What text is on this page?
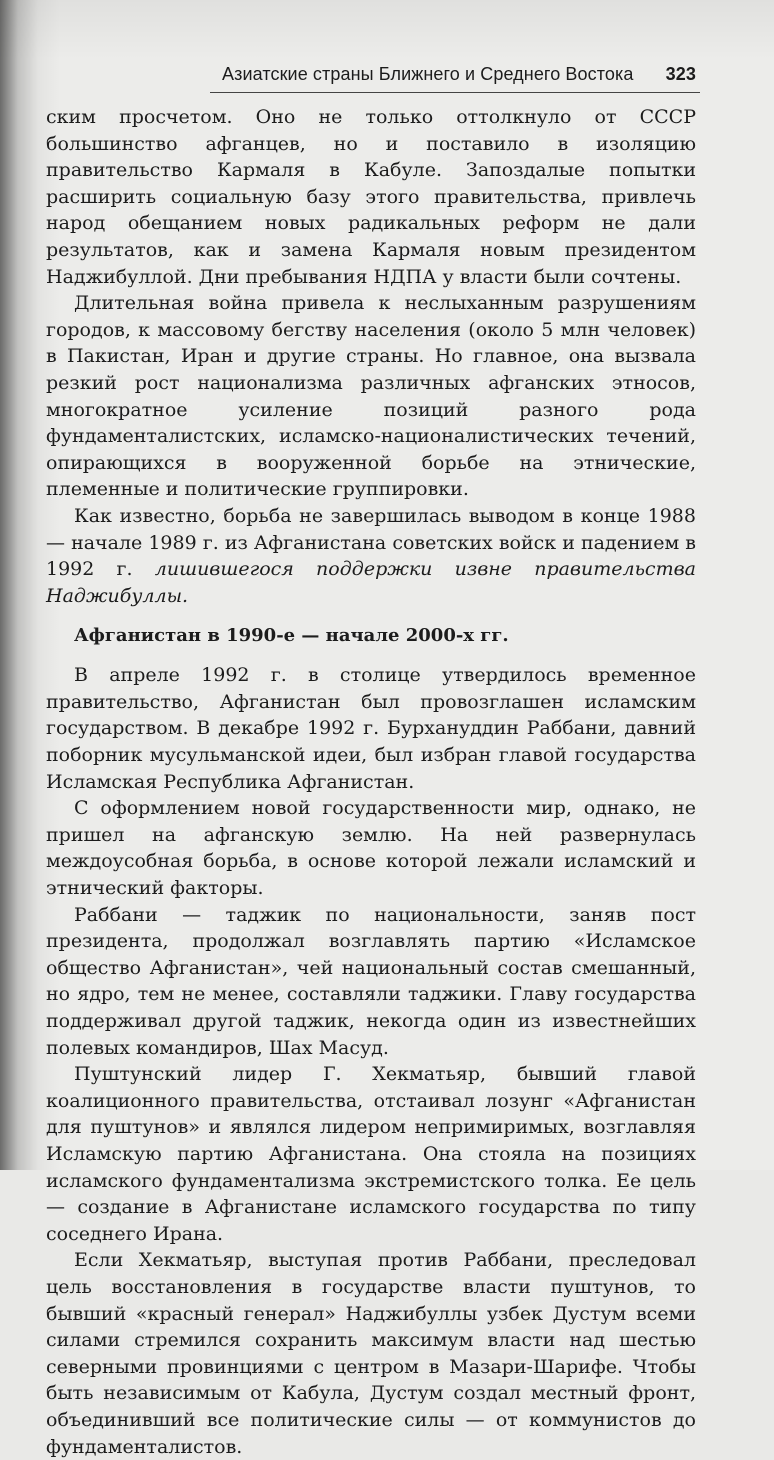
Азиатские страны Ближнего и Среднего Востока 323

ским просчетом. Оно не только оттолкнуло от СССР большинство афганцев, но и поставило в изоляцию правительство Кармаля в Кабуле. Запоздалые попытки расширить социальную базу этого правительства, привлечь народ обещанием новых радикальных реформ не дали результатов, как и замена Кармаля новым президентом Наджибуллой. Дни пребывания НДПА у власти были сочтены.

Длительная война привела к неслыханным разрушениям городов, к массовому бегству населения (около 5 млн человек) в Пакистан, Иран и другие страны. Но главное, она вызвала резкий рост национализма различных афганских этносов, многократное усиление позиций разного рода фундаменталистских, исламско-националистических течений, опирающихся в вооруженной борьбе на этнические, племенные и политические группировки.

Как известно, борьба не завершилась выводом в конце 1988 — начале 1989 г. из Афганистана советских войск и падением в 1992 г. лишившегося поддержки извне правительства Наджибуллы.

Афганистан в 1990-е — начале 2000-х гг.

В апреле 1992 г. в столице утвердилось временное правительство, Афганистан был провозглашен исламским государством. В декабре 1992 г. Бурхануддин Раббани, давний поборник мусульманской идеи, был избран главой государства Исламская Республика Афганистан.

С оформлением новой государственности мир, однако, не пришел на афганскую землю. На ней развернулась междоусобная борьба, в основе которой лежали исламский и этнический факторы.

Раббани — таджик по национальности, заняв пост президента, продолжал возглавлять партию «Исламское общество Афганистан», чей национальный состав смешанный, но ядро, тем не менее, составляли таджики. Главу государства поддерживал другой таджик, некогда один из известнейших полевых командиров, Шах Масуд.

Пуштунский лидер Г. Хекматьяр, бывший главой коалиционного правительства, отстаивал лозунг «Афганистан для пуштунов» и являлся лидером непримиримых, возглавляя Исламскую партию Афганистана. Она стояла на позициях исламского фундаментализма экстремистского толка. Ее цель — создание в Афганистане исламского государства по типу соседнего Ирана.

Если Хекматьяр, выступая против Раббани, преследовал цель восстановления в государстве власти пуштунов, то бывший «красный генерал» Наджибуллы узбек Дустум всеми силами стремился сохранить максимум власти над шестью северными провинциями с центром в Мазари-Шарифе. Чтобы быть независимым от Кабула, Дустум создал местный фронт, объединивший все политические силы — от коммунистов до фундаменталистов.
